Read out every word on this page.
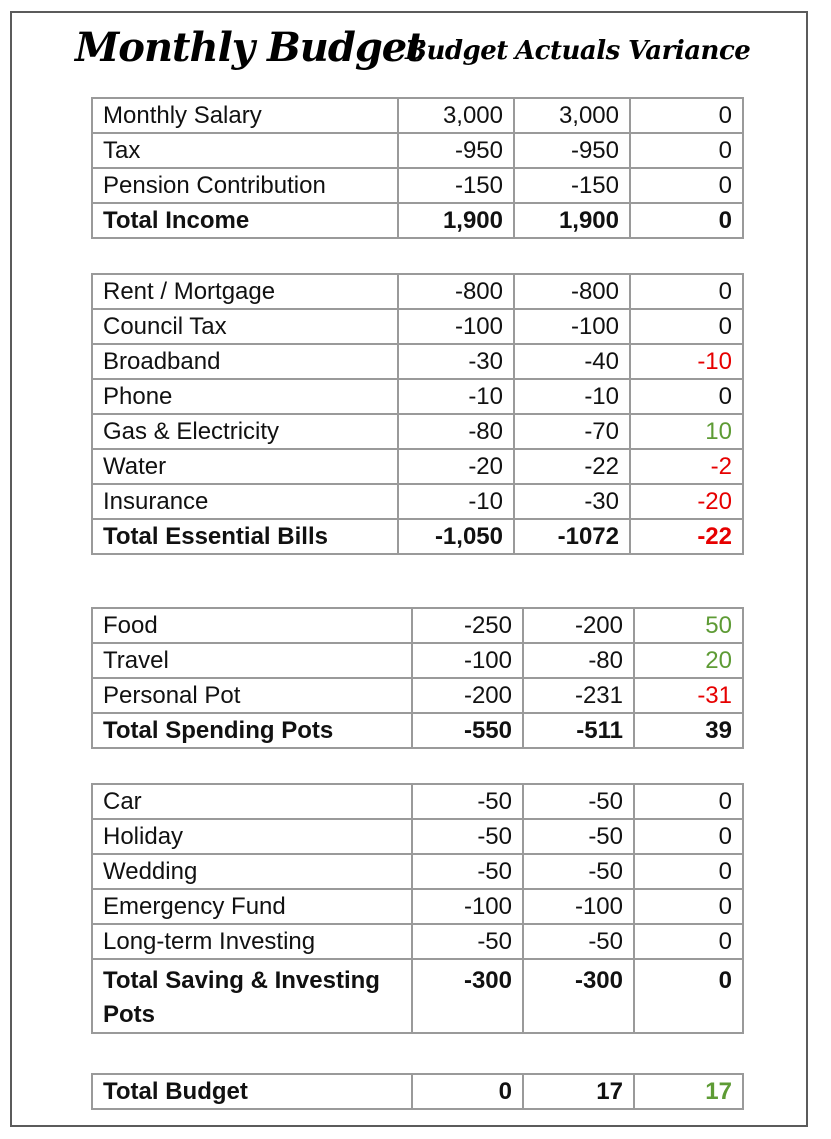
Monthly Budget
Budget Actuals Variance
Monthly Salary	3,000	3,000	0
Tax	-950	-950	0
Pension Contribution	-150	-150	0
Total Income	1,900	1,900	0
Rent / Mortgage	-800	-800	0
Council Tax	-100	-100	0
Broadband	-30	-40	-10
Phone	-10	-10	0
Gas & Electricity	-80	-70	10
Water	-20	-22	-2
Insurance	-10	-30	-20
Total Essential Bills	-1,050	-1072	-22
Food	-250	-200	50
Travel	-100	-80	20
Personal Pot	-200	-231	-31
Total Spending Pots	-550	-511	39
Car	-50	-50	0
Holiday	-50	-50	0
Wedding	-50	-50	0
Emergency Fund	-100	-100	0
Long-term Investing	-50	-50	0
Total Saving & Investing Pots	-300	-300	0
Total Budget	0	17	17
